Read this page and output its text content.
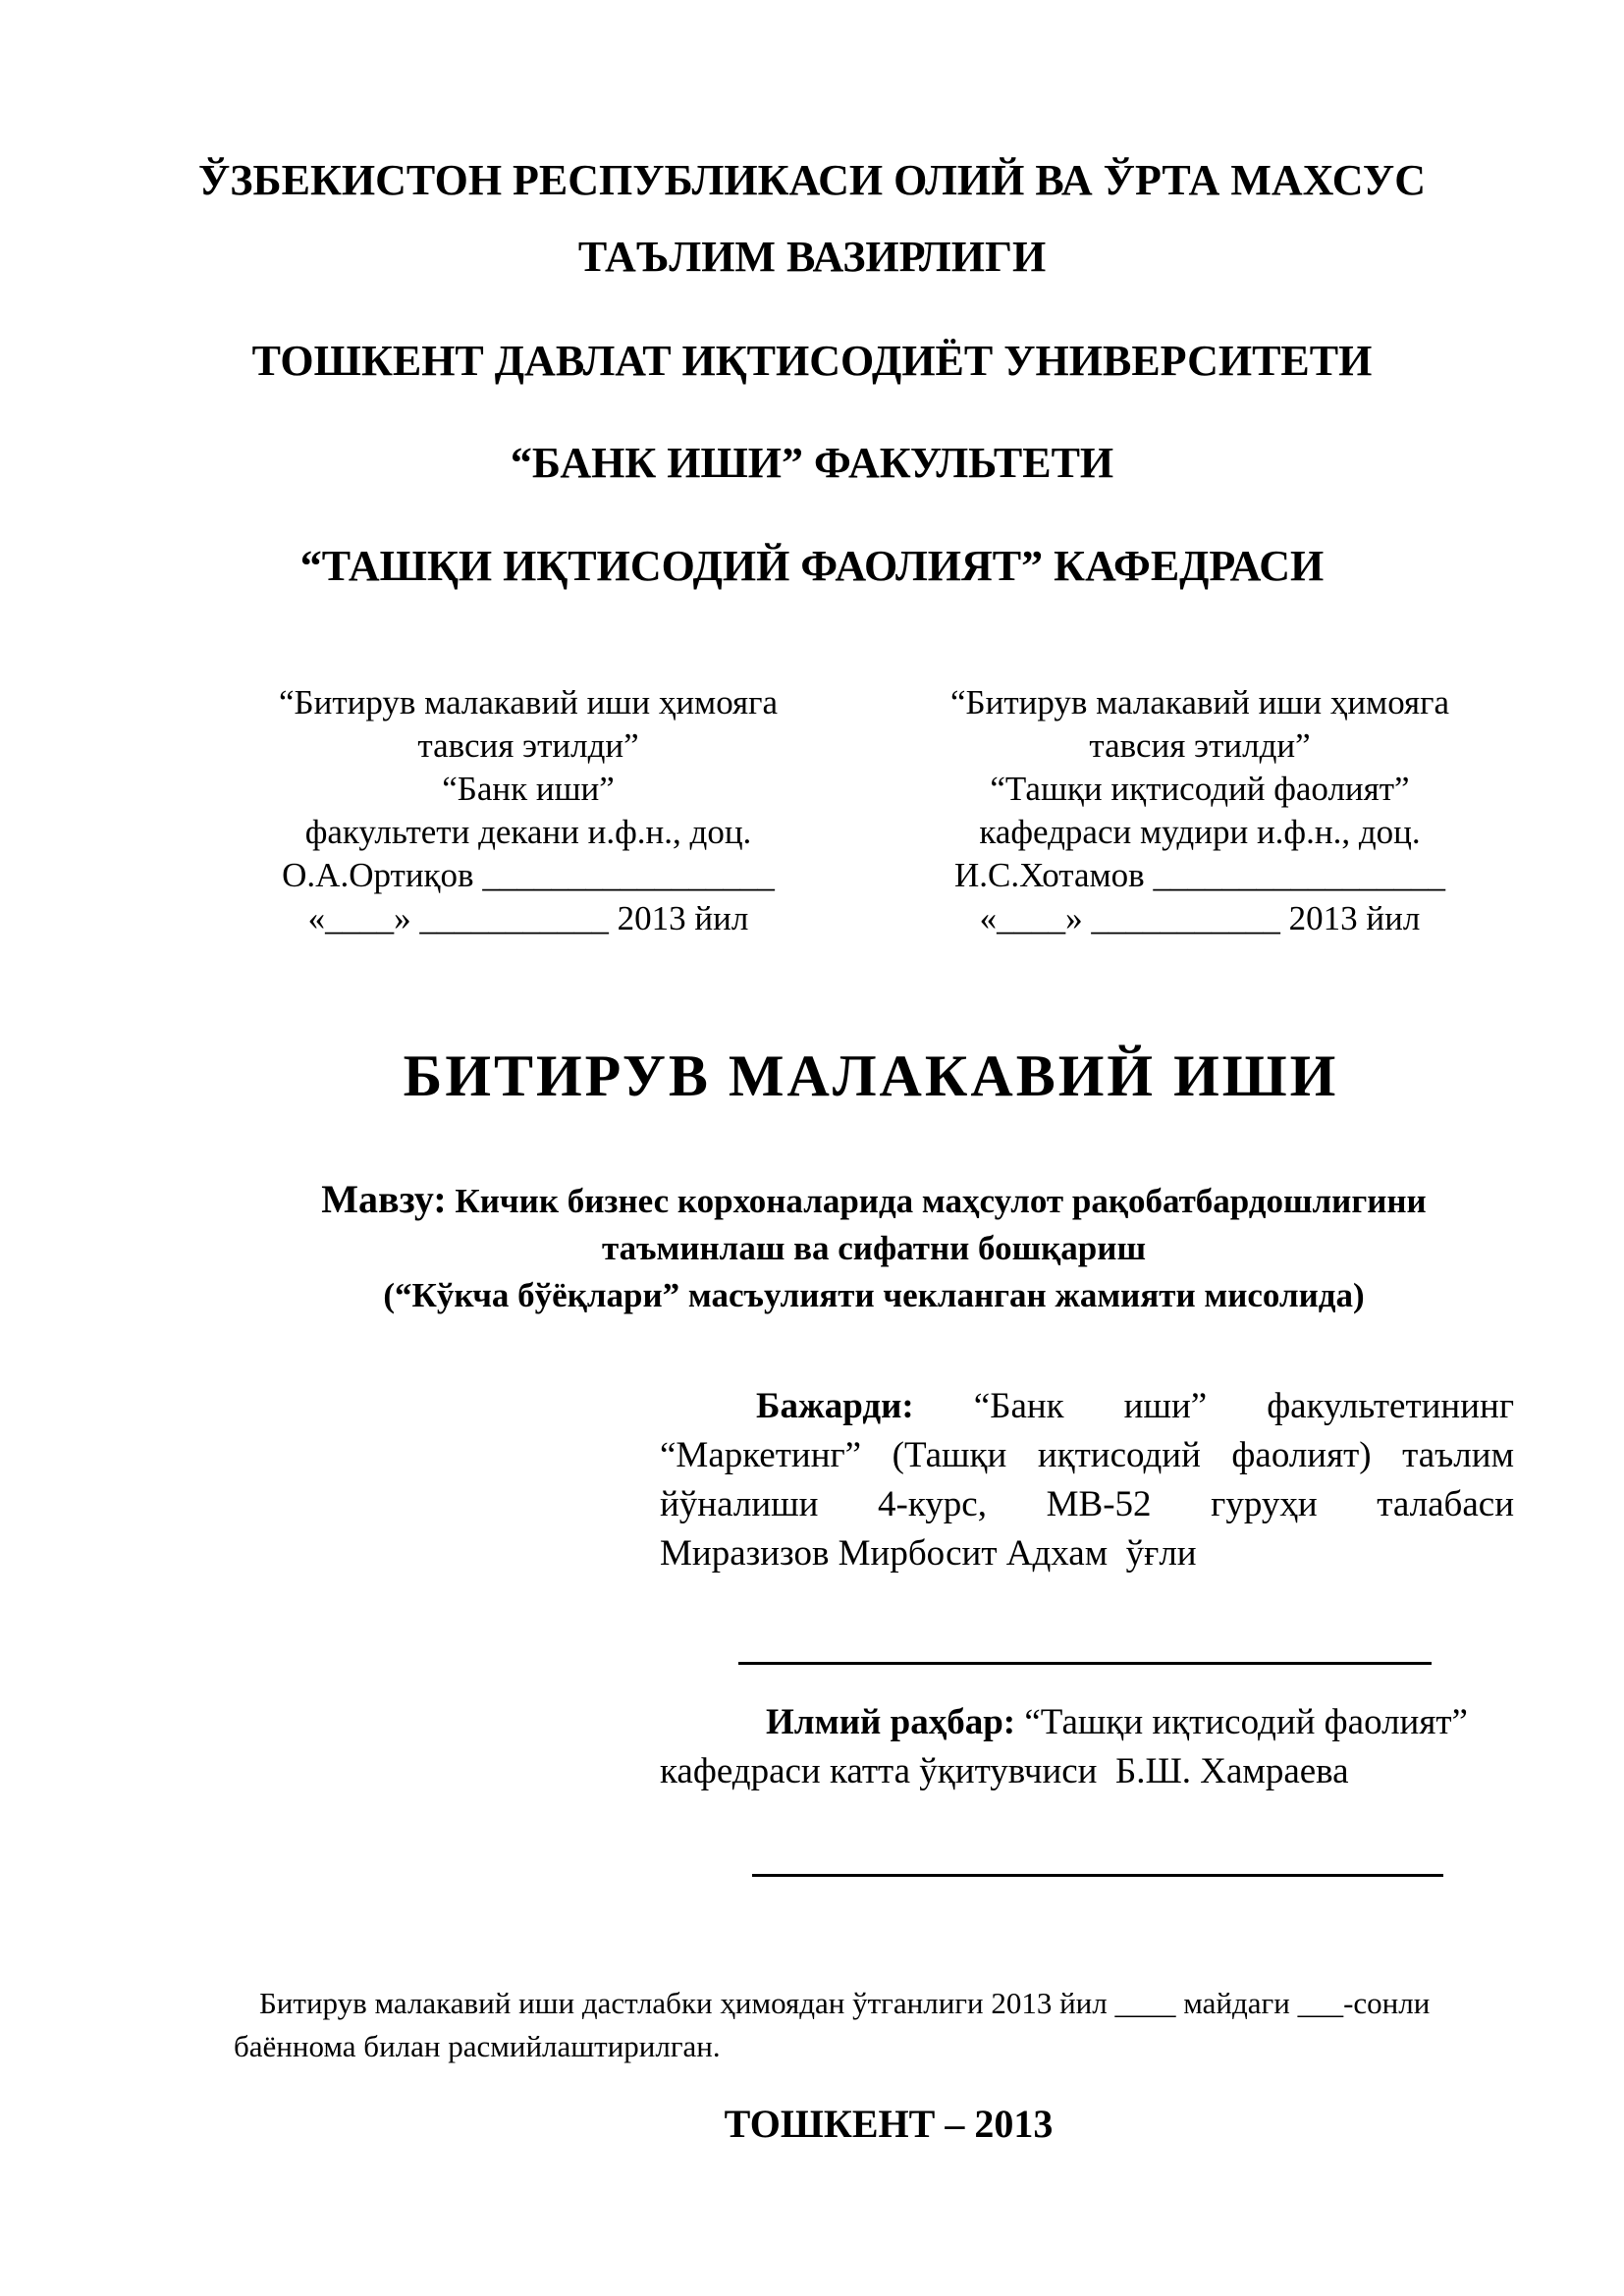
ЎЗБЕКИСТОН РЕСПУБЛИКАСИ ОЛИЙ ВА ЎРТА МАХСУС
ТАЪЛИМ ВАЗИРЛИГИ
ТОШКЕНТ ДАВЛАТ ИҚТИСОДИЁТ УНИВЕРСИТЕТИ
“БАНК ИШИ” ФАКУЛЬТЕТИ
“ТАШҚИ ИҚТИСОДИЙ ФАОЛИЯТ” КАФЕДРАСИ
“Битирув малакавий иши ҳимояга
тавсия этилди”
“Банк иши”
факультети декани и.ф.н., доц.
О.А.Ортиқов _________________
«____» ___________ 2013 йил
“Битирув малакавий иши ҳимояга
тавсия этилди”
“Ташқи иқтисодий фаолият”
кафедраси мудири и.ф.н., доц.
И.С.Хотамов _________________
«____» ___________ 2013 йил
БИТИРУВ МАЛАКАВИЙ ИШИ
Мавзу: Кичик бизнес корхоналарида маҳсулот рақобатбардошлигини
таъминлаш ва сифатни бошқариш
(“Кўкча бўёқлари” масъулияти чекланган жамияти мисолида)
Бажарди: “Банк иши” факультетининг
“Маркетинг” (Ташқи иқтисодий фаолият) таълим
йўналиши 4-курс, МВ-52 гуруҳи талабаси
Миразизов Мирбосит Адхам  ўғли
Илмий раҳбар: “Ташқи иқтисодий фаолият”
кафедраси катта ўқитувчиси  Б.Ш. Хамраева
Битирув малакавий иши дастлабки ҳимоядан ўтганлиги 2013 йил ____ майдаги ___-сонли
баённома билан расмийлаштирилган.
ТОШКЕНТ – 2013
